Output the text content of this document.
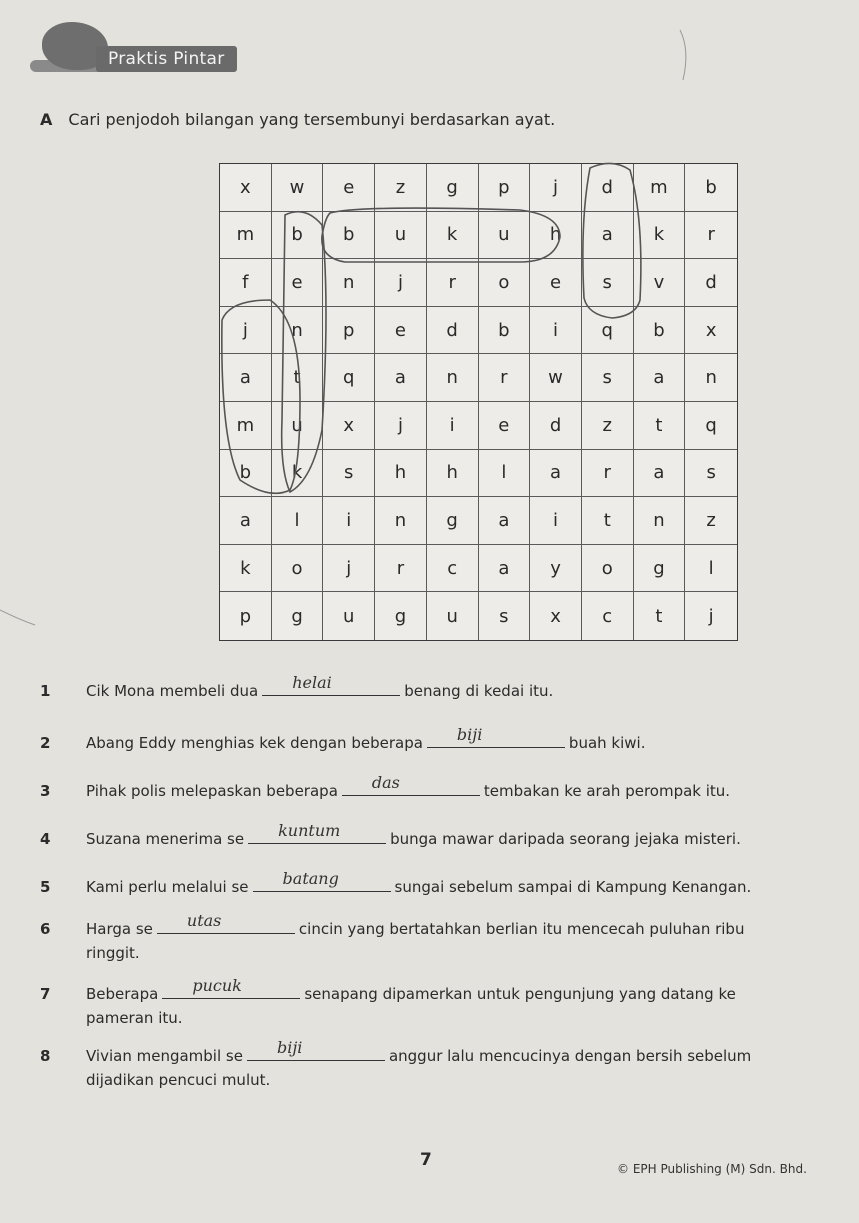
Praktis Pintar
A Cari penjodoh bilangan yang tersembunyi berdasarkan ayat.
x	w	e	z	g	p	j	d	m	b
m	b	b	u	k	u	h	a	k	r
f	e	n	j	r	o	e	s	v	d
j	n	p	e	d	b	i	q	b	x
a	t	q	a	n	r	w	s	a	n
m	u	x	j	i	e	d	z	t	q
b	k	s	h	h	l	a	r	a	s
a	l	i	n	g	a	i	t	n	z
k	o	j	r	c	a	y	o	g	l
p	g	u	g	u	s	x	c	t	j
1 Cik Mona membeli dua helai	benang di kedai itu.
2 Abang Eddy menghias kek dengan beberapa biji	buah kiwi.
3 Pihak polis melepaskan beberapa das	tembakan ke arah perompak itu.
4 Suzana menerima se kuntum	bunga mawar daripada seorang jejaka misteri.
5 Kami perlu melalui se batang	sungai sebelum sampai di Kampung Kenangan.
6 Harga se utas	cincin yang bertatahkan berlian itu mencecah puluhan ribu
ringgit.
7 Beberapa pucuk	senapang dipamerkan untuk pengunjung yang datang ke
pameran itu.
8 Vivian mengambil se biji	anggur lalu mencucinya dengan bersih sebelum
dijadikan pencuci mulut.
7	© EPH Publishing (M) Sdn. Bhd.
